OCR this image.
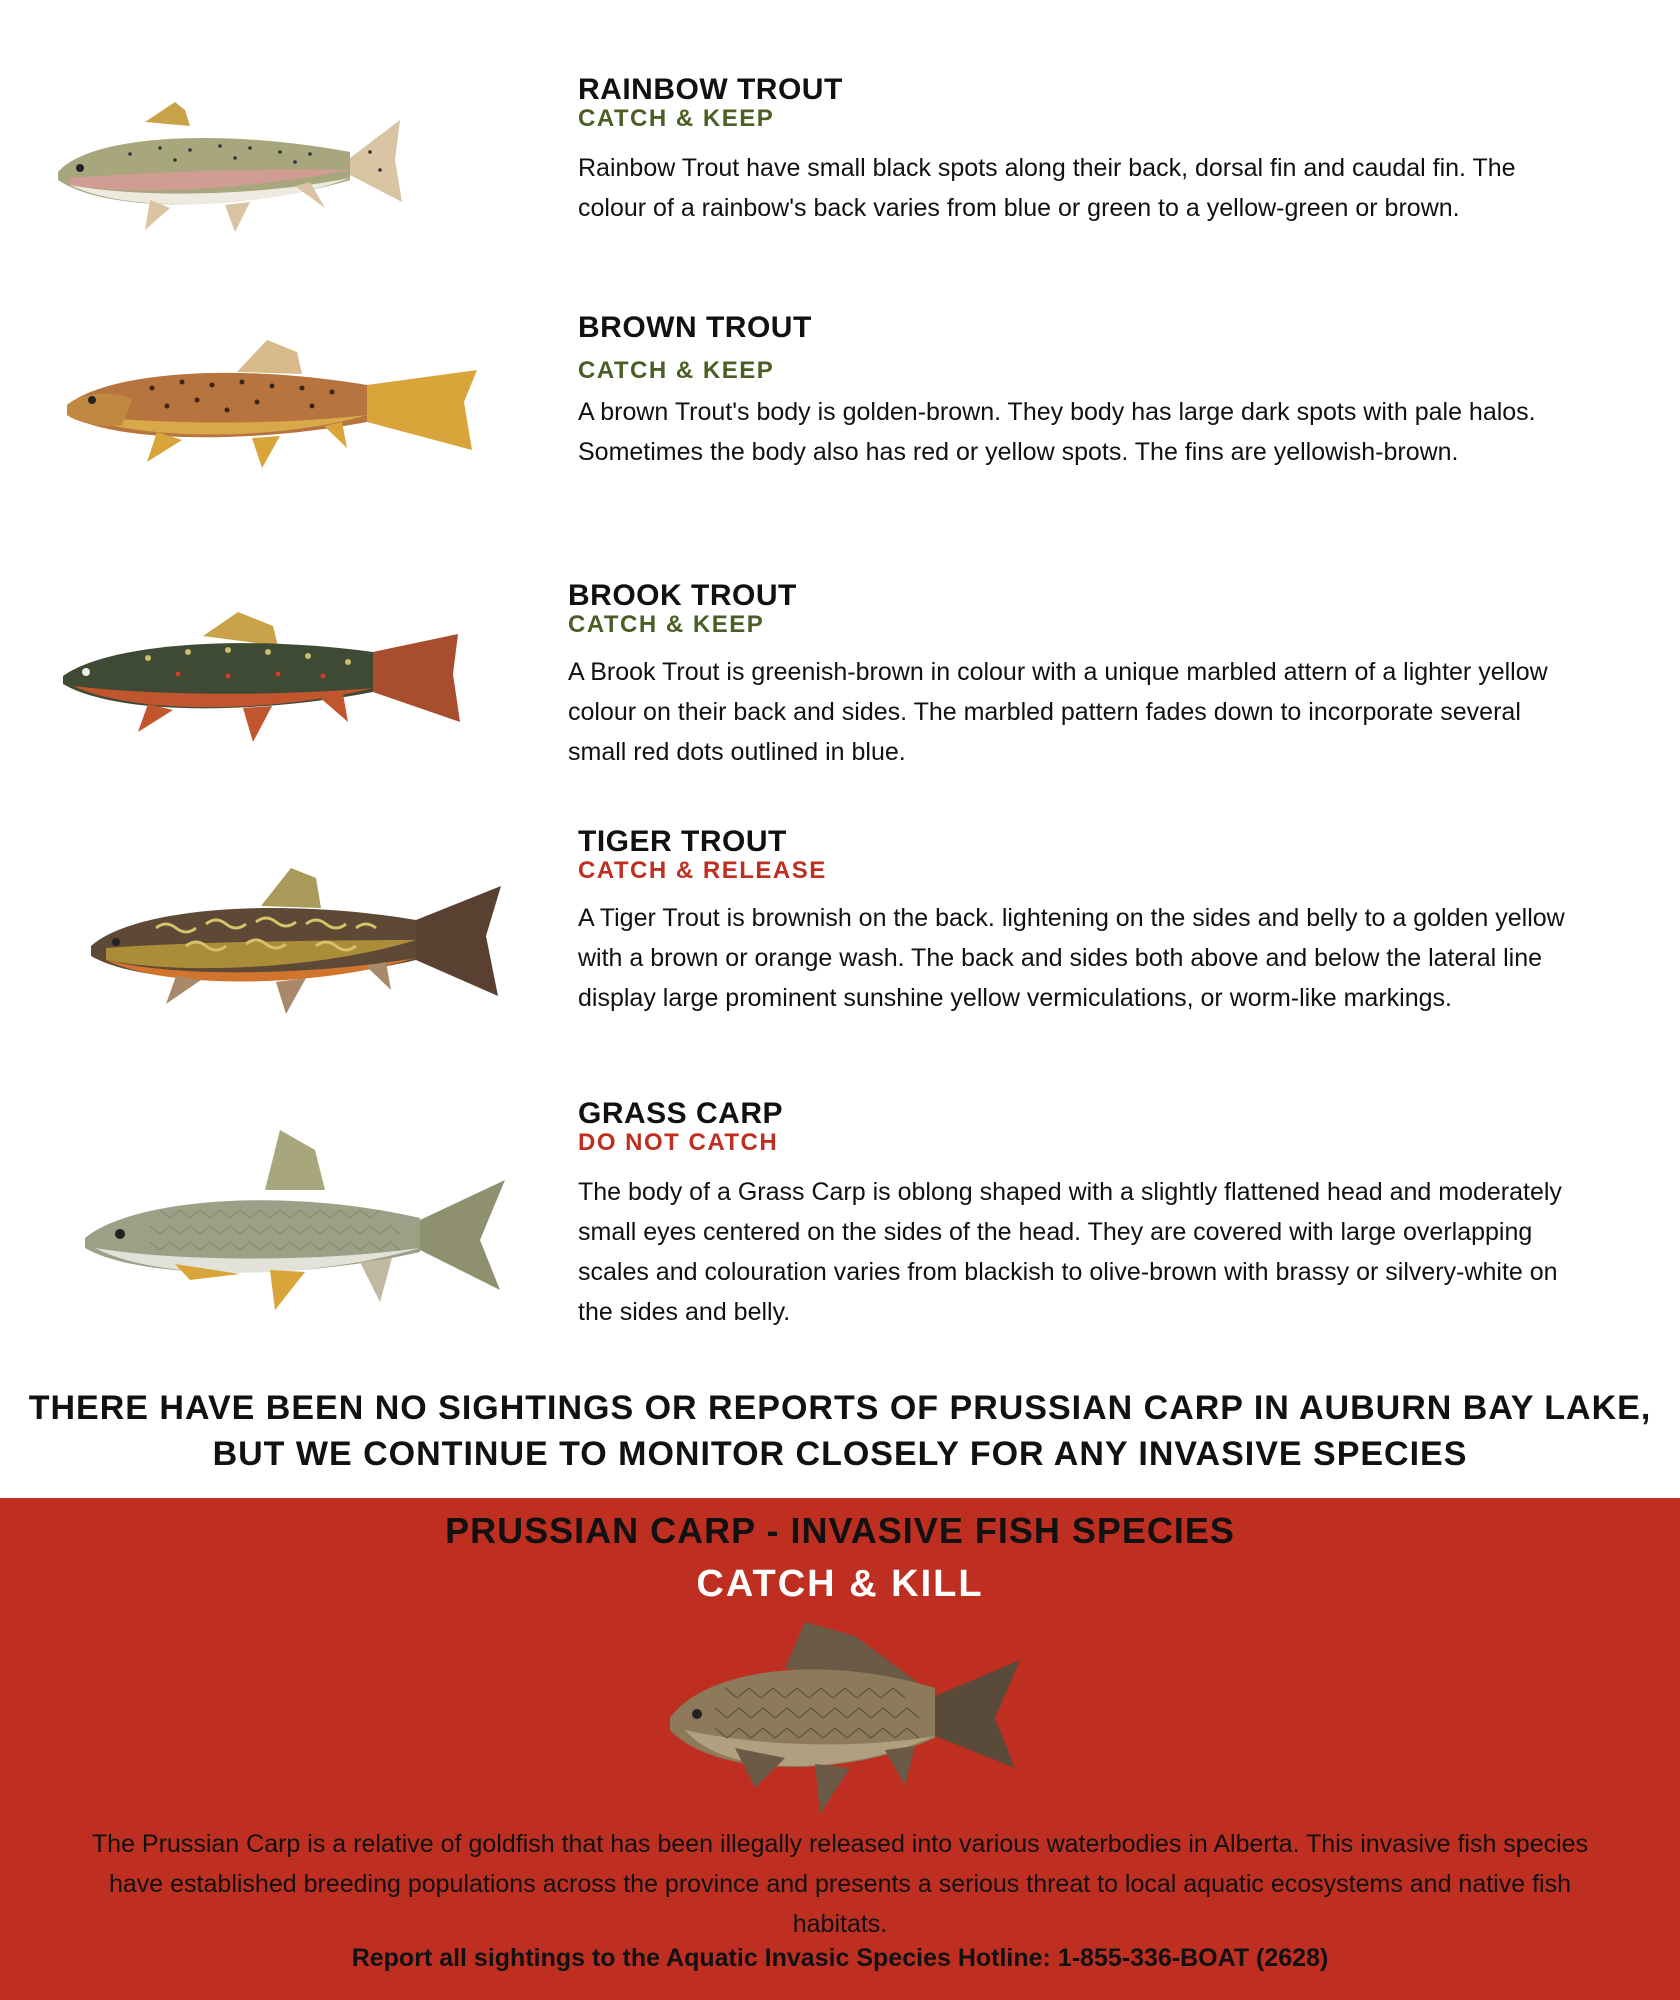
RAINBOW TROUT

CATCH & KEEP

Rainbow Trout have small black spots along their back, dorsal fin and caudal fin. The colour of a rainbow's back varies from blue or green to a yellow-green or brown.

BROWN TROUT

CATCH & KEEP

A brown Trout's body is golden-brown. They body has large dark spots with pale halos. Sometimes the body also has red or yellow spots. The fins are yellowish-brown.

BROOK TROUT

CATCH & KEEP

A Brook Trout is greenish-brown in colour with a unique marbled attern of a lighter yellow colour on their back and sides. The marbled pattern fades down to incorporate several small red dots outlined in blue.

TIGER TROUT

CATCH & RELEASE

A Tiger Trout is brownish on the back. lightening on the sides and belly to a golden yellow with a brown or orange wash. The back and sides both above and below the lateral line display large prominent sunshine yellow vermiculations, or worm-like markings.

GRASS CARP

DO NOT CATCH

The body of a Grass Carp is oblong shaped with a slightly flattened head and moderately small eyes centered on the sides of the head. They are covered with large overlapping scales and colouration varies from blackish to olive-brown with brassy or silvery-white on the sides and belly.

THERE HAVE BEEN NO SIGHTINGS OR REPORTS OF PRUSSIAN CARP IN AUBURN BAY LAKE,

BUT WE CONTINUE TO MONITOR CLOSELY FOR ANY INVASIVE SPECIES

PRUSSIAN CARP - INVASIVE FISH SPECIES

CATCH & KILL

The Prussian Carp is a relative of goldfish that has been illegally released into various waterbodies in Alberta. This invasive fish species have established breeding populations across the province and presents a serious threat to local aquatic ecosystems and native fish habitats.

Report all sightings to the Aquatic Invasic Species Hotline: 1-855-336-BOAT (2628)
